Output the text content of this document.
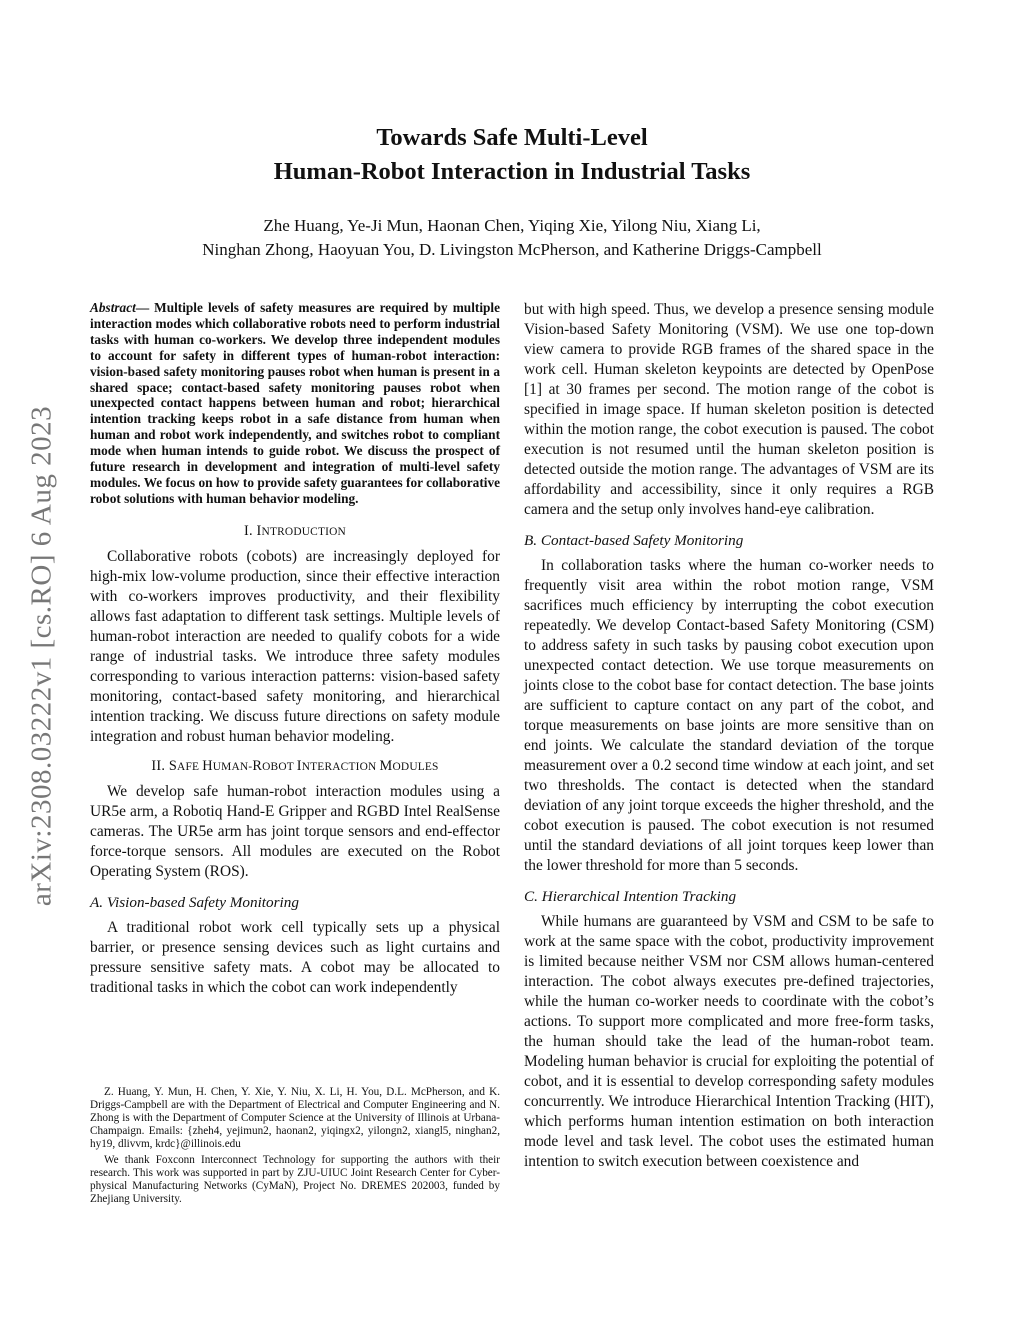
arXiv:2308.03222v1 [cs.RO] 6 Aug 2023
Towards Safe Multi-Level
Human-Robot Interaction in Industrial Tasks
Zhe Huang, Ye-Ji Mun, Haonan Chen, Yiqing Xie, Yilong Niu, Xiang Li,
Ninghan Zhong, Haoyuan You, D. Livingston McPherson, and Katherine Driggs-Campbell
Abstract— Multiple levels of safety measures are required by multiple interaction modes which collaborative robots need to perform industrial tasks with human co-workers. We develop three independent modules to account for safety in different types of human-robot interaction: vision-based safety monitoring pauses robot when human is present in a shared space; contact-based safety monitoring pauses robot when unexpected contact happens between human and robot; hierarchical intention tracking keeps robot in a safe distance from human when human and robot work independently, and switches robot to compliant mode when human intends to guide robot. We discuss the prospect of future research in development and integration of multi-level safety modules. We focus on how to provide safety guarantees for collaborative robot solutions with human behavior modeling.
I. INTRODUCTION

Collaborative robots (cobots) are increasingly deployed for high-mix low-volume production, since their effective interaction with co-workers improves productivity, and their flexibility allows fast adaptation to different task settings. Multiple levels of human-robot interaction are needed to qualify cobots for a wide range of industrial tasks. We introduce three safety modules corresponding to various interaction patterns: vision-based safety monitoring, contact-based safety monitoring, and hierarchical intention tracking. We discuss future directions on safety module integration and robust human behavior modeling.

II. SAFE HUMAN-ROBOT INTERACTION MODULES

We develop safe human-robot interaction modules using a UR5e arm, a Robotiq Hand-E Gripper and RGBD Intel RealSense cameras. The UR5e arm has joint torque sensors and end-effector force-torque sensors. All modules are executed on the Robot Operating System (ROS).

A. Vision-based Safety Monitoring

A traditional robot work cell typically sets up a physical barrier, or presence sensing devices such as light curtains and pressure sensitive safety mats. A cobot may be allocated to traditional tasks in which the cobot can work independently

Z. Huang, Y. Mun, H. Chen, Y. Xie, Y. Niu, X. Li, H. You, D.L. McPherson, and K. Driggs-Campbell are with the Department of Electrical and Computer Engineering and N. Zhong is with the Department of Computer Science at the University of Illinois at Urbana-Champaign. Emails: {zheh4, yejimun2, haonan2, yiqingx2, yilongn2, xiangl5, ninghan2, hy19, dlivvm, krdc}@illinois.edu

We thank Foxconn Interconnect Technology for supporting the authors with their research. This work was supported in part by ZJU-UIUC Joint Research Center for Cyber-physical Manufacturing Networks (CyMaN), Project No. DREMES 202003, funded by Zhejiang University.

but with high speed. Thus, we develop a presence sensing module Vision-based Safety Monitoring (VSM). We use one top-down view camera to provide RGB frames of the shared space in the work cell. Human skeleton keypoints are detected by OpenPose [1] at 30 frames per second. The motion range of the cobot is specified in image space. If human skeleton position is detected within the motion range, the cobot execution is paused. The cobot execution is not resumed until the human skeleton position is detected outside the motion range. The advantages of VSM are its affordability and accessibility, since it only requires a RGB camera and the setup only involves hand-eye calibration.

B. Contact-based Safety Monitoring

In collaboration tasks where the human co-worker needs to frequently visit area within the robot motion range, VSM sacrifices much efficiency by interrupting the cobot execution repeatedly. We develop Contact-based Safety Monitoring (CSM) to address safety in such tasks by pausing cobot execution upon unexpected contact detection. We use torque measurements on joints close to the cobot base for contact detection. The base joints are sufficient to capture contact on any part of the cobot, and torque measurements on base joints are more sensitive than on end joints. We calculate the standard deviation of the torque measurement over a 0.2 second time window at each joint, and set two thresholds. The contact is detected when the standard deviation of any joint torque exceeds the higher threshold, and the cobot execution is paused. The cobot execution is not resumed until the standard deviations of all joint torques keep lower than the lower threshold for more than 5 seconds.

C. Hierarchical Intention Tracking

While humans are guaranteed by VSM and CSM to be safe to work at the same space with the cobot, productivity improvement is limited because neither VSM nor CSM allows human-centered interaction. The cobot always executes pre-defined trajectories, while the human co-worker needs to coordinate with the cobot’s actions. To support more complicated and more free-form tasks, the human should take the lead of the human-robot team. Modeling human behavior is crucial for exploiting the potential of cobot, and it is essential to develop corresponding safety modules concurrently. We introduce Hierarchical Intention Tracking (HIT), which performs human intention estimation on both interaction mode level and task level. The cobot uses the estimated human intention to switch execution between coexistence and
